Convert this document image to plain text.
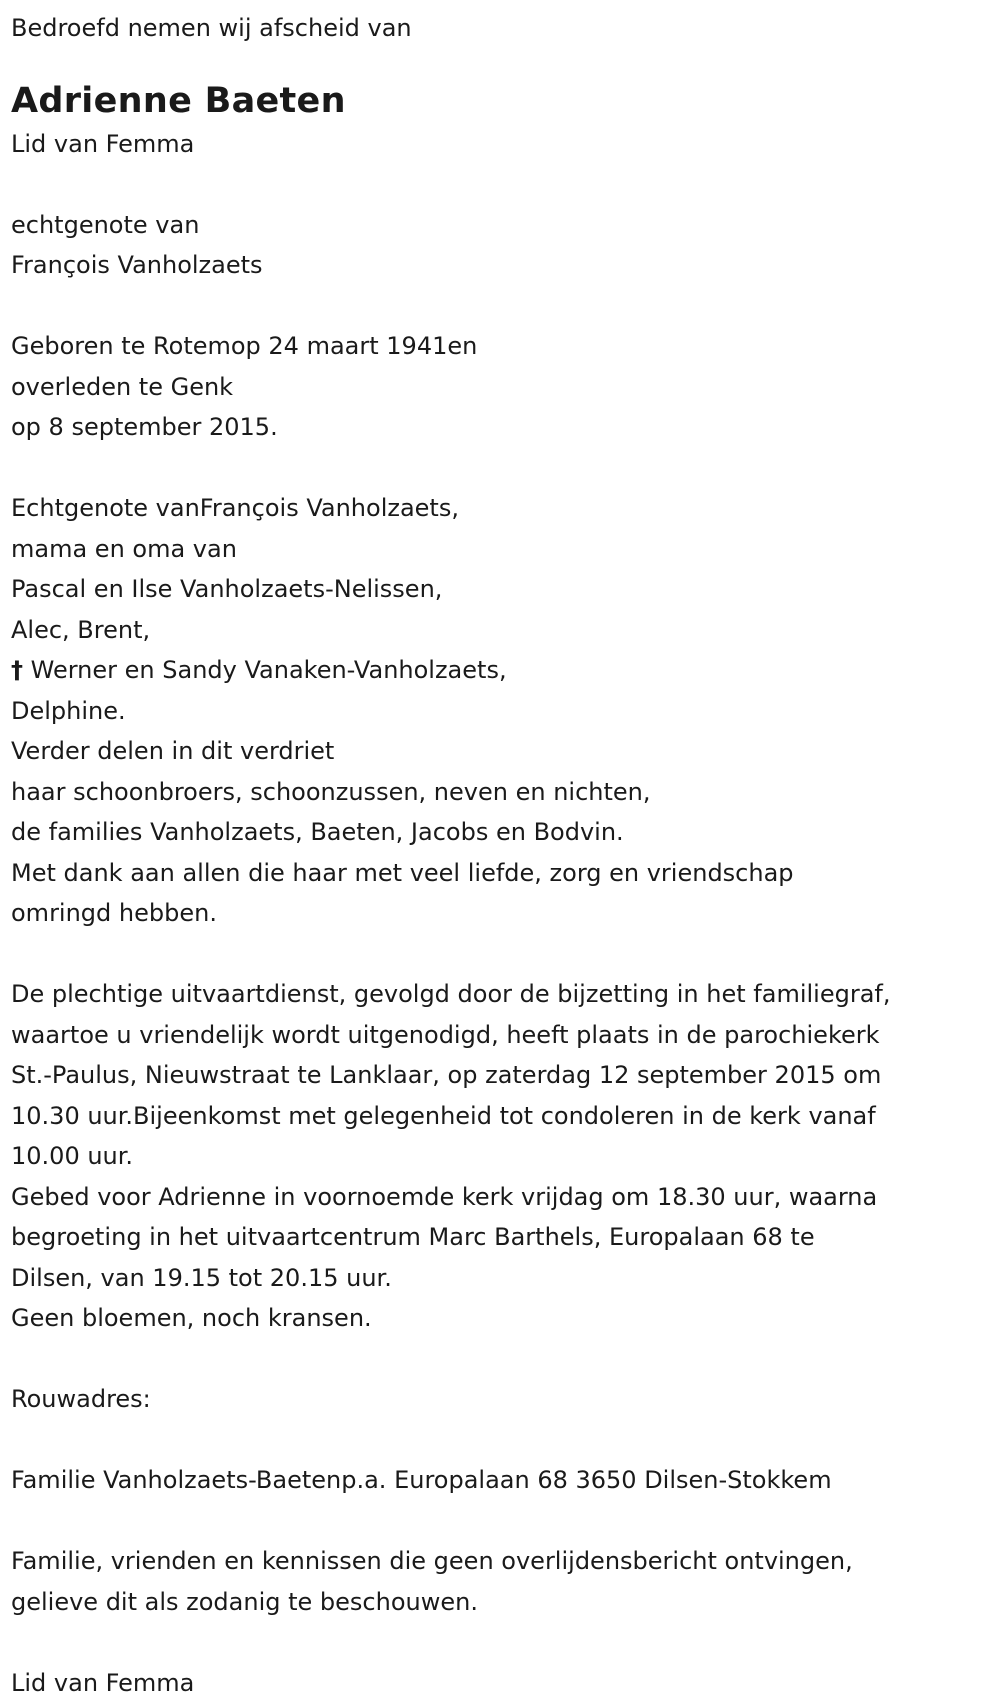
Bedroefd nemen wij afscheid van
Adrienne Baeten
Lid van Femma
echtgenote van
François Vanholzaets
Geboren te Rotemop 24 maart 1941en
overleden te Genk
op 8 september 2015.
Echtgenote vanFrançois Vanholzaets,
mama en oma van
Pascal en Ilse Vanholzaets-Nelissen,
Alec, Brent,
† Werner en Sandy Vanaken-Vanholzaets,
Delphine.
Verder delen in dit verdriet
haar schoonbroers, schoonzussen, neven en nichten,
de families Vanholzaets, Baeten, Jacobs en Bodvin.
Met dank aan allen die haar met veel liefde, zorg en vriendschap
omringd hebben.
De plechtige uitvaartdienst, gevolgd door de bijzetting in het familiegraf,
waartoe u vriendelijk wordt uitgenodigd, heeft plaats in de parochiekerk
St.-Paulus, Nieuwstraat te Lanklaar, op zaterdag 12 september 2015 om
10.30 uur.Bijeenkomst met gelegenheid tot condoleren in de kerk vanaf
10.00 uur.
Gebed voor Adrienne in voornoemde kerk vrijdag om 18.30 uur, waarna
begroeting in het uitvaartcentrum Marc Barthels, Europalaan 68 te
Dilsen, van 19.15 tot 20.15 uur.
Geen bloemen, noch kransen.
Rouwadres:
Familie Vanholzaets-Baetenp.a. Europalaan 68 3650 Dilsen-Stokkem
Familie, vrienden en kennissen die geen overlijdensbericht ontvingen,
gelieve dit als zodanig te beschouwen.
Lid van Femma
